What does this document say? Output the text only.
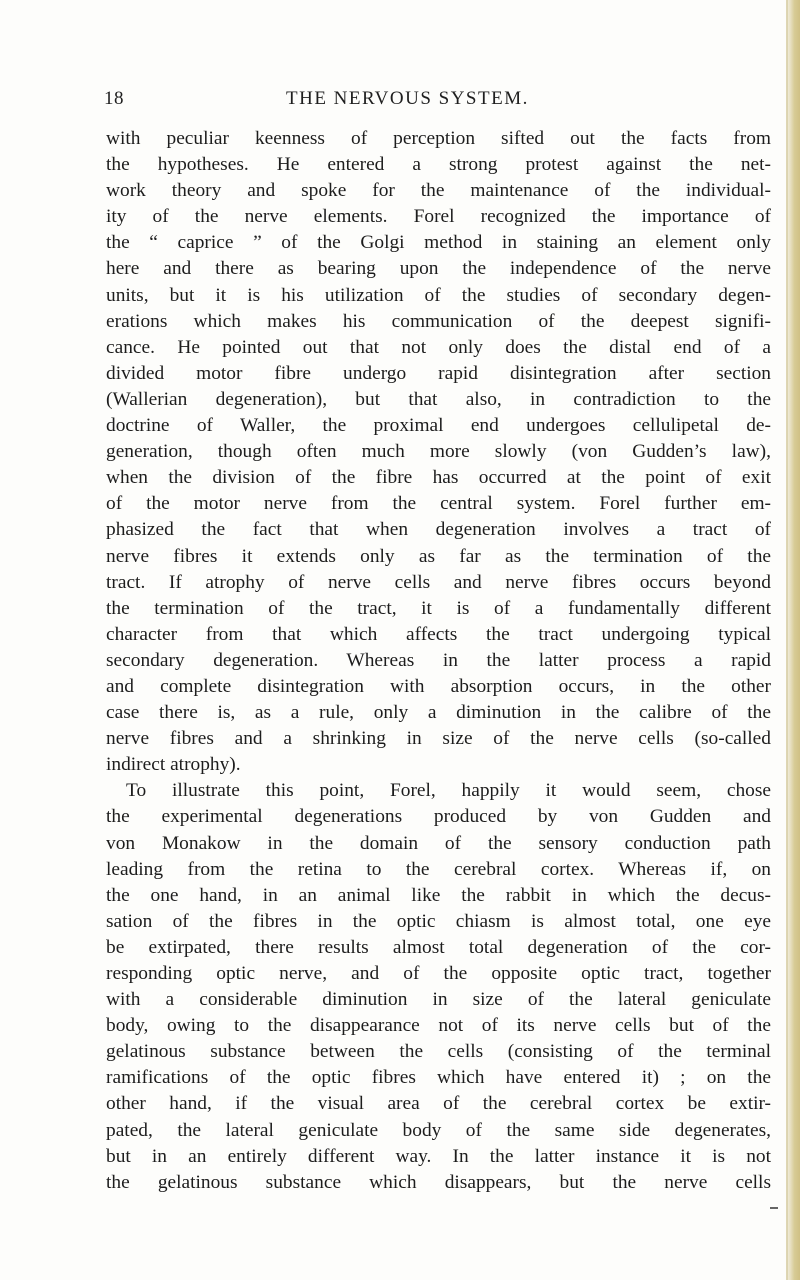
18	THE NERVOUS SYSTEM.
with peculiar keenness of perception sifted out the facts from
the hypotheses. He entered a strong protest against the net-
work theory and spoke for the maintenance of the individual-
ity of the nerve elements. Forel recognized the importance of
the “ caprice ” of the Golgi method in staining an element only
here and there as bearing upon the independence of the nerve
units, but it is his utilization of the studies of secondary degen-
erations which makes his communication of the deepest signifi-
cance. He pointed out that not only does the distal end of a
divided motor fibre undergo rapid disintegration after section
(Wallerian degeneration), but that also, in contradiction to the
doctrine of Waller, the proximal end undergoes cellulipetal de-
generation, though often much more slowly (von Gudden’s law),
when the division of the fibre has occurred at the point of exit
of the motor nerve from the central system. Forel further em-
phasized the fact that when degeneration involves a tract of
nerve fibres it extends only as far as the termination of the
tract. If atrophy of nerve cells and nerve fibres occurs beyond
the termination of the tract, it is of a fundamentally different
character from that which affects the tract undergoing typical
secondary degeneration. Whereas in the latter process a rapid
and complete disintegration with absorption occurs, in the other
case there is, as a rule, only a diminution in the calibre of the
nerve fibres and a shrinking in size of the nerve cells (so-called
indirect atrophy).
To illustrate this point, Forel, happily it would seem, chose
the experimental degenerations produced by von Gudden and
von Monakow in the domain of the sensory conduction path
leading from the retina to the cerebral cortex. Whereas if, on
the one hand, in an animal like the rabbit in which the decus-
sation of the fibres in the optic chiasm is almost total, one eye
be extirpated, there results almost total degeneration of the cor-
responding optic nerve, and of the opposite optic tract, together
with a considerable diminution in size of the lateral geniculate
body, owing to the disappearance not of its nerve cells but of the
gelatinous substance between the cells (consisting of the terminal
ramifications of the optic fibres which have entered it) ; on the
other hand, if the visual area of the cerebral cortex be extir-
pated, the lateral geniculate body of the same side degenerates,
but in an entirely different way. In the latter instance it is not
the gelatinous substance which disappears, but the nerve cells
